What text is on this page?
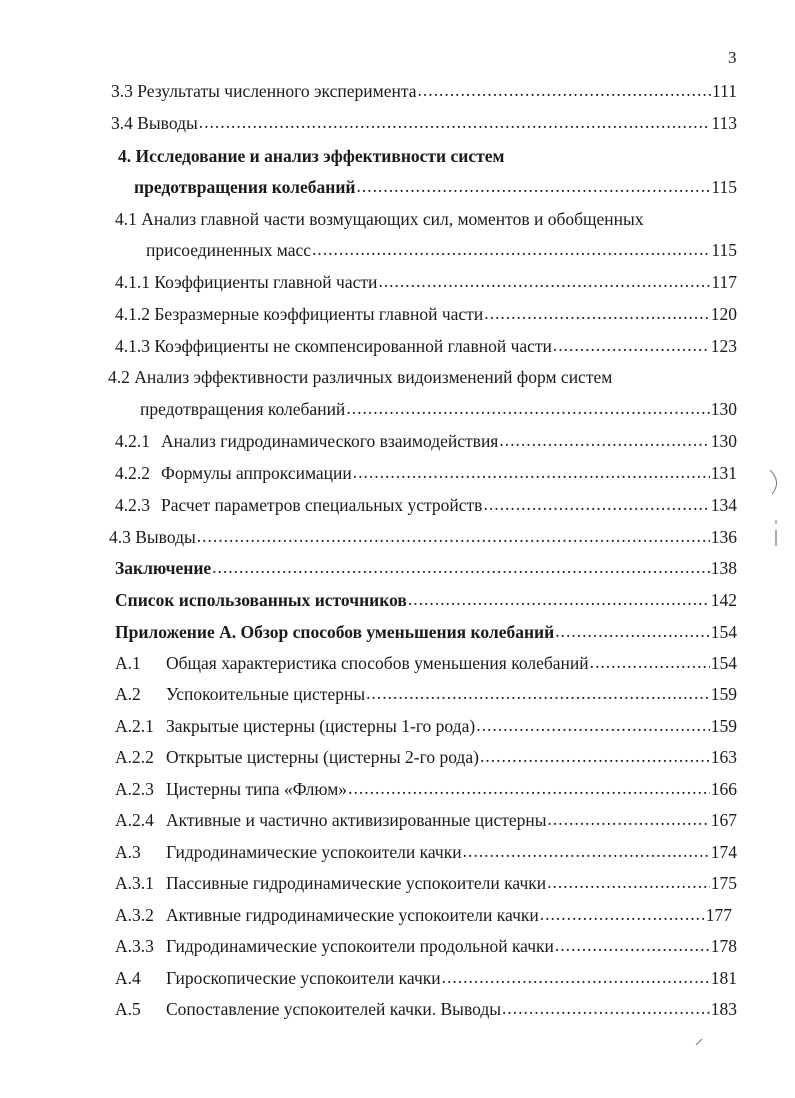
3
3.3 Результаты численного эксперимента .....	111
3.4 Выводы .....	113
4. Исследование и анализ эффективности систем
предотвращения колебаний .....	115
4.1 Анализ главной части возмущающих сил, моментов и обобщенных
присоединенных масс .....	115
4.1.1 Коэффициенты главной части .....	117
4.1.2 Безразмерные коэффициенты главной части .....	120
4.1.3 Коэффициенты не скомпенсированной главной части .....	123
4.2 Анализ эффективности различных видоизменений форм систем
предотвращения колебаний .....	130
4.2.1 Анализ гидродинамического взаимодействия .....	130
4.2.2 Формулы аппроксимации .....	131
4.2.3 Расчет параметров специальных устройств .....	134
4.3 Выводы .....	136
Заключение .....	138
Список использованных источников .....	142
Приложение А. Обзор способов уменьшения колебаний .....	154
А.1	Общая характеристика способов уменьшения колебаний .....	154
А.2	Успокоительные цистерны .....	159
А.2.1 Закрытые цистерны (цистерны 1-го рода) .....	159
А.2.2 Открытые цистерны (цистерны 2-го рода) .....	163
А.2.3 Цистерны типа «Флюм» .....	166
А.2.4 Активные и частично активизированные цистерны .....	167
А.3	Гидродинамические успокоители качки .....	174
А.3.1 Пассивные гидродинамические успокоители качки .....	175
А.3.2 Активные гидродинамические успокоители качки .....	177
А.3.3 Гидродинамические успокоители продольной качки .....	178
А.4	Гироскопические успокоители качки .....	181
А.5	Сопоставление успокоителей качки. Выводы .....	183
